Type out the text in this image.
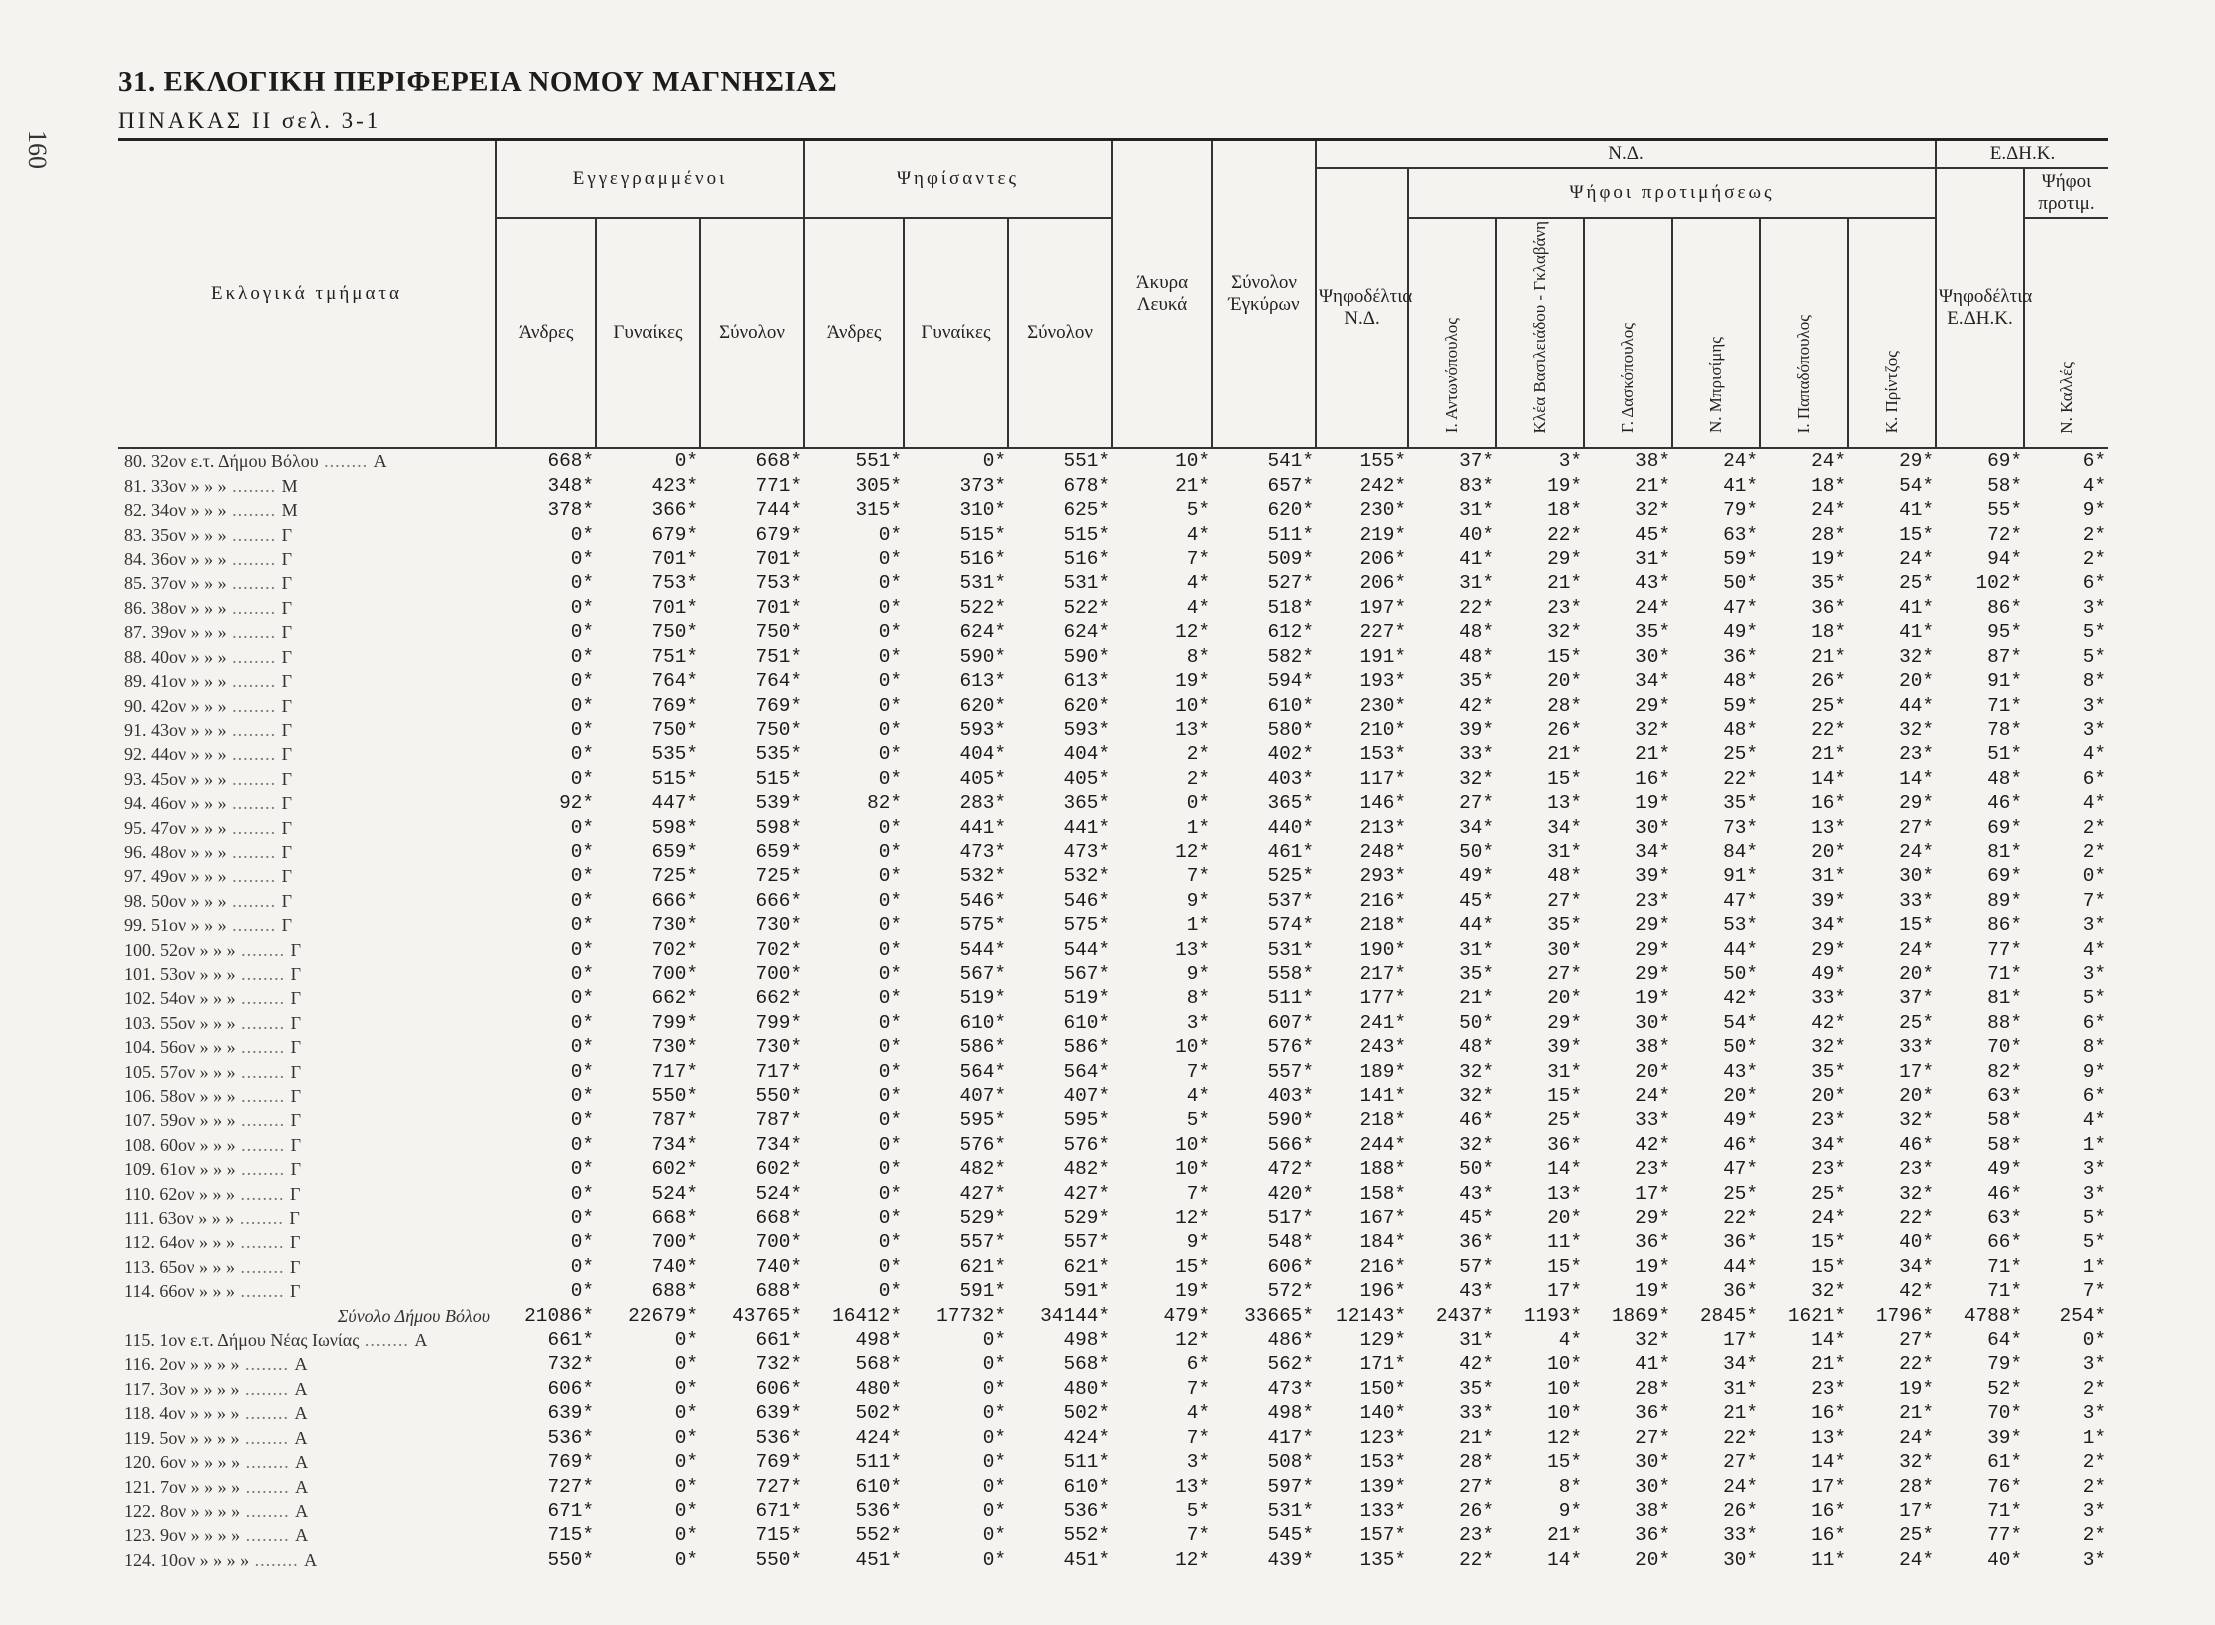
160
31. ΕΚΛΟΓΙΚΗ ΠΕΡΙΦΕΡΕΙΑ ΝΟΜΟΥ ΜΑΓΝΗΣΙΑΣ
ΠΙΝΑΚΑΣ ΙΙ σελ. 3-1
Εκλογικά τμήματα	Εγγεγραμμένοι			Ψηφίσαντες			Άκυρα Λευκά	Σύνολον Έγκύρων	Ν.Δ.							Ε.ΔΗ.Κ.	
									Ψηφοδέλτια Ν.Δ.	Ψήφοι προτιμήσεως						Ψηφοδέλτια Ε.ΔΗ.Κ.	Ψήφοι προτιμ.
	Άνδρες	Γυναίκες	Σύνολον	Άνδρες	Γυναίκες	Σύνολον				Ι. Αντωνόπουλος	Κλέα Βασιλειάδου - Γκλαβάνη	Γ. Δασκόπουλος	Ν. Μπρισίμης	Ι. Παπαδόπουλος	Κ. Πρίντζος		Ν. Καλλές
80. 32ον ε.τ. Δήμου Βόλου ........ Α	668*	0*	668*	551*	0*	551*	10*	541*	155*	37*	3*	38*	24*	24*	29*	69*	6*
81. 33ον » » » ........ Μ	348*	423*	771*	305*	373*	678*	21*	657*	242*	83*	19*	21*	41*	18*	54*	58*	4*
82. 34ον » » » ........ Μ	378*	366*	744*	315*	310*	625*	5*	620*	230*	31*	18*	32*	79*	24*	41*	55*	9*
83. 35ον » » » ........ Γ	0*	679*	679*	0*	515*	515*	4*	511*	219*	40*	22*	45*	63*	28*	15*	72*	2*
84. 36ον » » » ........ Γ	0*	701*	701*	0*	516*	516*	7*	509*	206*	41*	29*	31*	59*	19*	24*	94*	2*
85. 37ον » » » ........ Γ	0*	753*	753*	0*	531*	531*	4*	527*	206*	31*	21*	43*	50*	35*	25*	102*	6*
86. 38ον » » » ........ Γ	0*	701*	701*	0*	522*	522*	4*	518*	197*	22*	23*	24*	47*	36*	41*	86*	3*
87. 39ον » » » ........ Γ	0*	750*	750*	0*	624*	624*	12*	612*	227*	48*	32*	35*	49*	18*	41*	95*	5*
88. 40ον » » » ........ Γ	0*	751*	751*	0*	590*	590*	8*	582*	191*	48*	15*	30*	36*	21*	32*	87*	5*
89. 41ον » » » ........ Γ	0*	764*	764*	0*	613*	613*	19*	594*	193*	35*	20*	34*	48*	26*	20*	91*	8*
90. 42ον » » » ........ Γ	0*	769*	769*	0*	620*	620*	10*	610*	230*	42*	28*	29*	59*	25*	44*	71*	3*
91. 43ον » » » ........ Γ	0*	750*	750*	0*	593*	593*	13*	580*	210*	39*	26*	32*	48*	22*	32*	78*	3*
92. 44ον » » » ........ Γ	0*	535*	535*	0*	404*	404*	2*	402*	153*	33*	21*	21*	25*	21*	23*	51*	4*
93. 45ον » » » ........ Γ	0*	515*	515*	0*	405*	405*	2*	403*	117*	32*	15*	16*	22*	14*	14*	48*	6*
94. 46ον » » » ........ Γ	92*	447*	539*	82*	283*	365*	0*	365*	146*	27*	13*	19*	35*	16*	29*	46*	4*
95. 47ον » » » ........ Γ	0*	598*	598*	0*	441*	441*	1*	440*	213*	34*	34*	30*	73*	13*	27*	69*	2*
96. 48ον » » » ........ Γ	0*	659*	659*	0*	473*	473*	12*	461*	248*	50*	31*	34*	84*	20*	24*	81*	2*
97. 49ον » » » ........ Γ	0*	725*	725*	0*	532*	532*	7*	525*	293*	49*	48*	39*	91*	31*	30*	69*	0*
98. 50ον » » » ........ Γ	0*	666*	666*	0*	546*	546*	9*	537*	216*	45*	27*	23*	47*	39*	33*	89*	7*
99. 51ον » » » ........ Γ	0*	730*	730*	0*	575*	575*	1*	574*	218*	44*	35*	29*	53*	34*	15*	86*	3*
100. 52ον » » » ........ Γ	0*	702*	702*	0*	544*	544*	13*	531*	190*	31*	30*	29*	44*	29*	24*	77*	4*
101. 53ον » » » ........ Γ	0*	700*	700*	0*	567*	567*	9*	558*	217*	35*	27*	29*	50*	49*	20*	71*	3*
102. 54ον » » » ........ Γ	0*	662*	662*	0*	519*	519*	8*	511*	177*	21*	20*	19*	42*	33*	37*	81*	5*
103. 55ον » » » ........ Γ	0*	799*	799*	0*	610*	610*	3*	607*	241*	50*	29*	30*	54*	42*	25*	88*	6*
104. 56ον » » » ........ Γ	0*	730*	730*	0*	586*	586*	10*	576*	243*	48*	39*	38*	50*	32*	33*	70*	8*
105. 57ον » » » ........ Γ	0*	717*	717*	0*	564*	564*	7*	557*	189*	32*	31*	20*	43*	35*	17*	82*	9*
106. 58ον » » » ........ Γ	0*	550*	550*	0*	407*	407*	4*	403*	141*	32*	15*	24*	20*	20*	20*	63*	6*
107. 59ον » » » ........ Γ	0*	787*	787*	0*	595*	595*	5*	590*	218*	46*	25*	33*	49*	23*	32*	58*	4*
108. 60ον » » » ........ Γ	0*	734*	734*	0*	576*	576*	10*	566*	244*	32*	36*	42*	46*	34*	46*	58*	1*
109. 61ον » » » ........ Γ	0*	602*	602*	0*	482*	482*	10*	472*	188*	50*	14*	23*	47*	23*	23*	49*	3*
110. 62ον » » » ........ Γ	0*	524*	524*	0*	427*	427*	7*	420*	158*	43*	13*	17*	25*	25*	32*	46*	3*
111. 63ον » » » ........ Γ	0*	668*	668*	0*	529*	529*	12*	517*	167*	45*	20*	29*	22*	24*	22*	63*	5*
112. 64ον » » » ........ Γ	0*	700*	700*	0*	557*	557*	9*	548*	184*	36*	11*	36*	36*	15*	40*	66*	5*
113. 65ον » » » ........ Γ	0*	740*	740*	0*	621*	621*	15*	606*	216*	57*	15*	19*	44*	15*	34*	71*	1*
114. 66ον » » » ........ Γ	0*	688*	688*	0*	591*	591*	19*	572*	196*	43*	17*	19*	36*	32*	42*	71*	7*
Σύνολο Δήμου Βόλου	21086*	22679*	43765*	16412*	17732*	34144*	479*	33665*	12143*	2437*	1193*	1869*	2845*	1621*	1796*	4788*	254*
115. 1ον ε.τ. Δήμου Νέας Ιωνίας ........ Α	661*	0*	661*	498*	0*	498*	12*	486*	129*	31*	4*	32*	17*	14*	27*	64*	0*
116. 2ον » » » » ........ Α	732*	0*	732*	568*	0*	568*	6*	562*	171*	42*	10*	41*	34*	21*	22*	79*	3*
117. 3ον » » » » ........ Α	606*	0*	606*	480*	0*	480*	7*	473*	150*	35*	10*	28*	31*	23*	19*	52*	2*
118. 4ον » » » » ........ Α	639*	0*	639*	502*	0*	502*	4*	498*	140*	33*	10*	36*	21*	16*	21*	70*	3*
119. 5ον » » » » ........ Α	536*	0*	536*	424*	0*	424*	7*	417*	123*	21*	12*	27*	22*	13*	24*	39*	1*
120. 6ον » » » » ........ Α	769*	0*	769*	511*	0*	511*	3*	508*	153*	28*	15*	30*	27*	14*	32*	61*	2*
121. 7ον » » » » ........ Α	727*	0*	727*	610*	0*	610*	13*	597*	139*	27*	8*	30*	24*	17*	28*	76*	2*
122. 8ον » » » » ........ Α	671*	0*	671*	536*	0*	536*	5*	531*	133*	26*	9*	38*	26*	16*	17*	71*	3*
123. 9ον » » » » ........ Α	715*	0*	715*	552*	0*	552*	7*	545*	157*	23*	21*	36*	33*	16*	25*	77*	2*
124. 10ον » » » » ........ Α	550*	0*	550*	451*	0*	451*	12*	439*	135*	22*	14*	20*	30*	11*	24*	40*	3*
